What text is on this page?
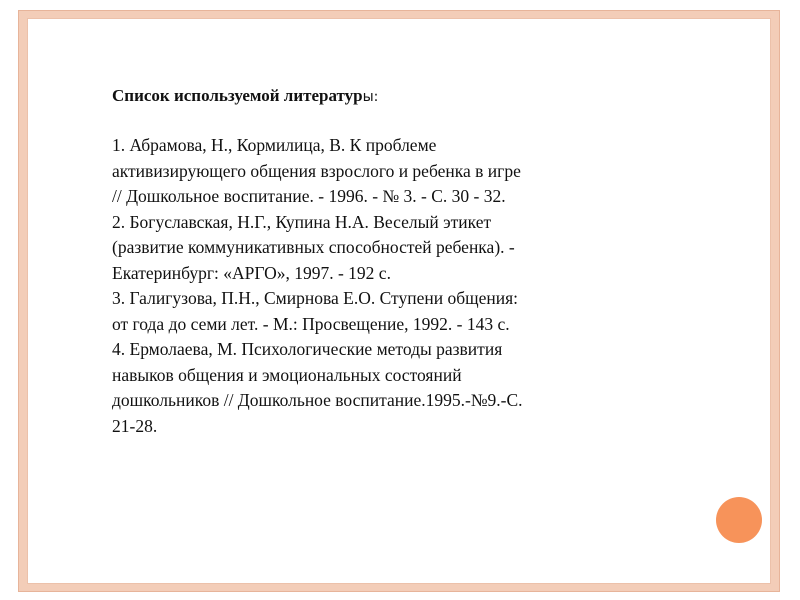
Список используемой литературы:
1. Абрамова, Н., Кормилица, В. К проблеме
активизирующего общения взрослого и ребенка в игре
// Дошкольное воспитание. - 1996. - № 3. - С. 30 - 32.
2. Богуславская, Н.Г., Купина Н.А. Веселый этикет
(развитие коммуникативных способностей ребенка). -
Екатеринбург: «АРГО», 1997. - 192 с.
3. Галигузова, П.Н., Смирнова Е.О. Ступени общения:
от года до семи лет. - М.: Просвещение, 1992. - 143 с.
4. Ермолаева, М. Психологические методы развития
навыков общения и эмоциональных состояний
дошкольников // Дошкольное воспитание.1995.-№9.-С.
21-28.
